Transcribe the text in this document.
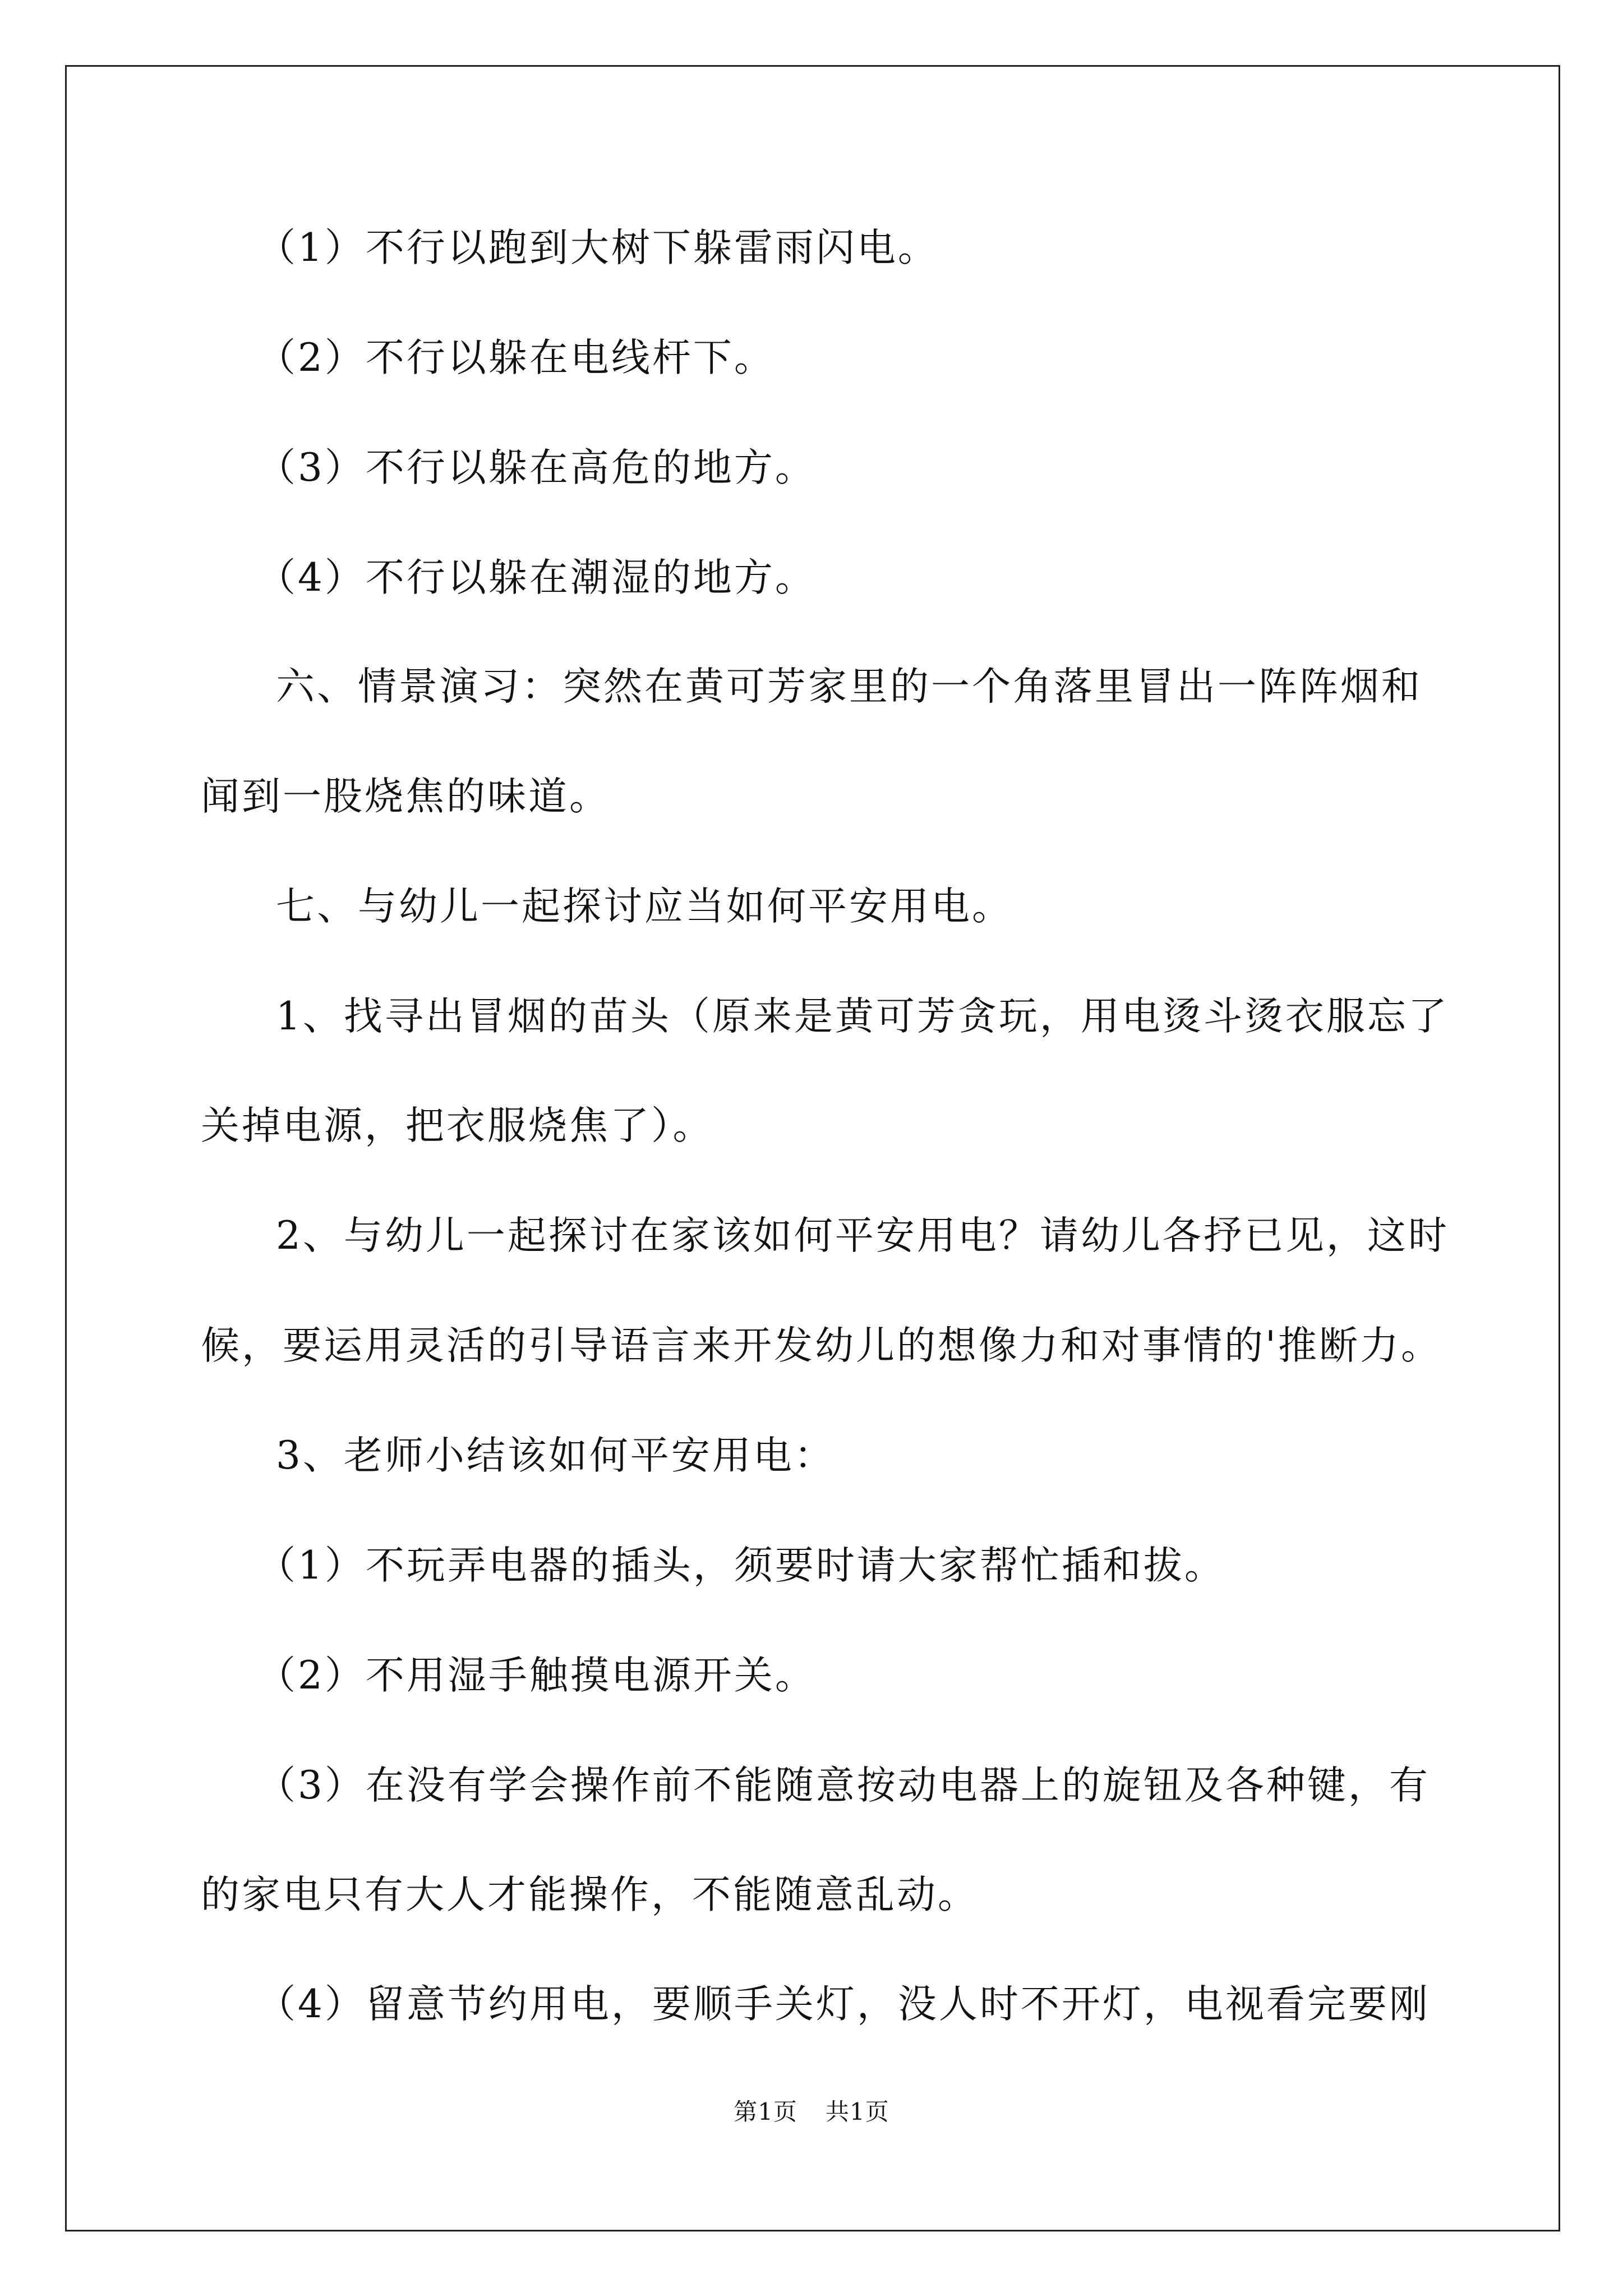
（1）不行以跑到大树下躲雷雨闪电。
（2）不行以躲在电线杆下。
（3）不行以躲在高危的地方。
（4）不行以躲在潮湿的地方。
六、情景演习：突然在黄可芳家里的一个角落里冒出一阵阵烟和
闻到一股烧焦的味道。
七、与幼儿一起探讨应当如何平安用电。
1、找寻出冒烟的苗头（原来是黄可芳贪玩，用电烫斗烫衣服忘了
关掉电源，把衣服烧焦了）。
2、与幼儿一起探讨在家该如何平安用电？请幼儿各抒已见，这时
候，要运用灵活的引导语言来开发幼儿的想像力和对事情的'推断力。
3、老师小结该如何平安用电：
（1）不玩弄电器的插头，须要时请大家帮忙插和拔。
（2）不用湿手触摸电源开关。
（3）在没有学会操作前不能随意按动电器上的旋钮及各种键，有
的家电只有大人才能操作，不能随意乱动。
（4）留意节约用电，要顺手关灯，没人时不开灯，电视看完要刚
第1页 共1页
